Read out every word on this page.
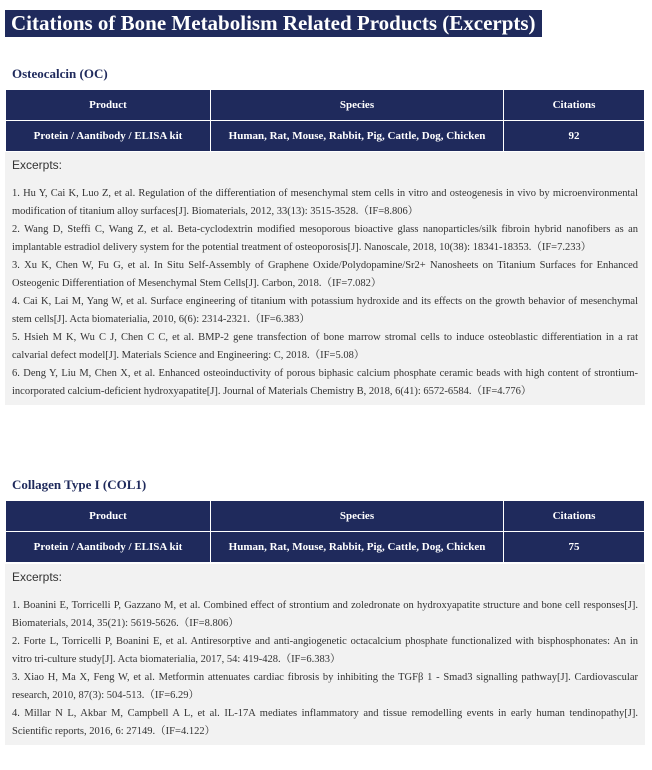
Citations of Bone Metabolism Related Products (Excerpts)
Osteocalcin (OC)
Product	Species	Citations
Protein / Aantibody / ELISA kit	Human, Rat, Mouse, Rabbit, Pig, Cattle, Dog, Chicken	92
Excerpts:

1. Hu Y, Cai K, Luo Z, et al. Regulation of the differentiation of mesenchymal stem cells in vitro and osteogenesis in vivo by microenvironmental modification of titanium alloy surfaces[J]. Biomaterials, 2012, 33(13): 3515-3528.（IF=8.806）

2. Wang D, Steffi C, Wang Z, et al. Beta-cyclodextrin modified mesoporous bioactive glass nanoparticles/silk fibroin hybrid nanofibers as an implantable estradiol delivery system for the potential treatment of osteoporosis[J]. Nanoscale, 2018, 10(38): 18341-18353.（IF=7.233）

3. Xu K, Chen W, Fu G, et al. In Situ Self-Assembly of Graphene Oxide/Polydopamine/Sr2+ Nanosheets on Titanium Surfaces for Enhanced Osteogenic Differentiation of Mesenchymal Stem Cells[J]. Carbon, 2018.（IF=7.082）

4. Cai K, Lai M, Yang W, et al. Surface engineering of titanium with potassium hydroxide and its effects on the growth behavior of mesenchymal stem cells[J]. Acta biomaterialia, 2010, 6(6): 2314-2321.（IF=6.383）

5. Hsieh M K, Wu C J, Chen C C, et al. BMP-2 gene transfection of bone marrow stromal cells to induce osteoblastic differentiation in a rat calvarial defect model[J]. Materials Science and Engineering: C, 2018.（IF=5.08）

6. Deng Y, Liu M, Chen X, et al. Enhanced osteoinductivity of porous biphasic calcium phosphate ceramic beads with high content of strontium-incorporated calcium-deficient hydroxyapatite[J]. Journal of Materials Chemistry B, 2018, 6(41): 6572-6584.（IF=4.776）

Collagen Type I (COL1)
Product	Species	Citations
Protein / Aantibody / ELISA kit	Human, Rat, Mouse, Rabbit, Pig, Cattle, Dog, Chicken	75
Excerpts:

1. Boanini E, Torricelli P, Gazzano M, et al. Combined effect of strontium and zoledronate on hydroxyapatite structure and bone cell responses[J]. Biomaterials, 2014, 35(21): 5619-5626.（IF=8.806）

2. Forte L, Torricelli P, Boanini E, et al. Antiresorptive and anti-angiogenetic octacalcium phosphate functionalized with bisphosphonates: An in vitro tri-culture study[J]. Acta biomaterialia, 2017, 54: 419-428.（IF=6.383）

3. Xiao H, Ma X, Feng W, et al. Metformin attenuates cardiac fibrosis by inhibiting the TGFβ 1 - Smad3 signalling pathway[J]. Cardiovascular research, 2010, 87(3): 504-513.（IF=6.29）

4. Millar N L, Akbar M, Campbell A L, et al. IL-17A mediates inflammatory and tissue remodelling events in early human tendinopathy[J]. Scientific reports, 2016, 6: 27149.（IF=4.122）
